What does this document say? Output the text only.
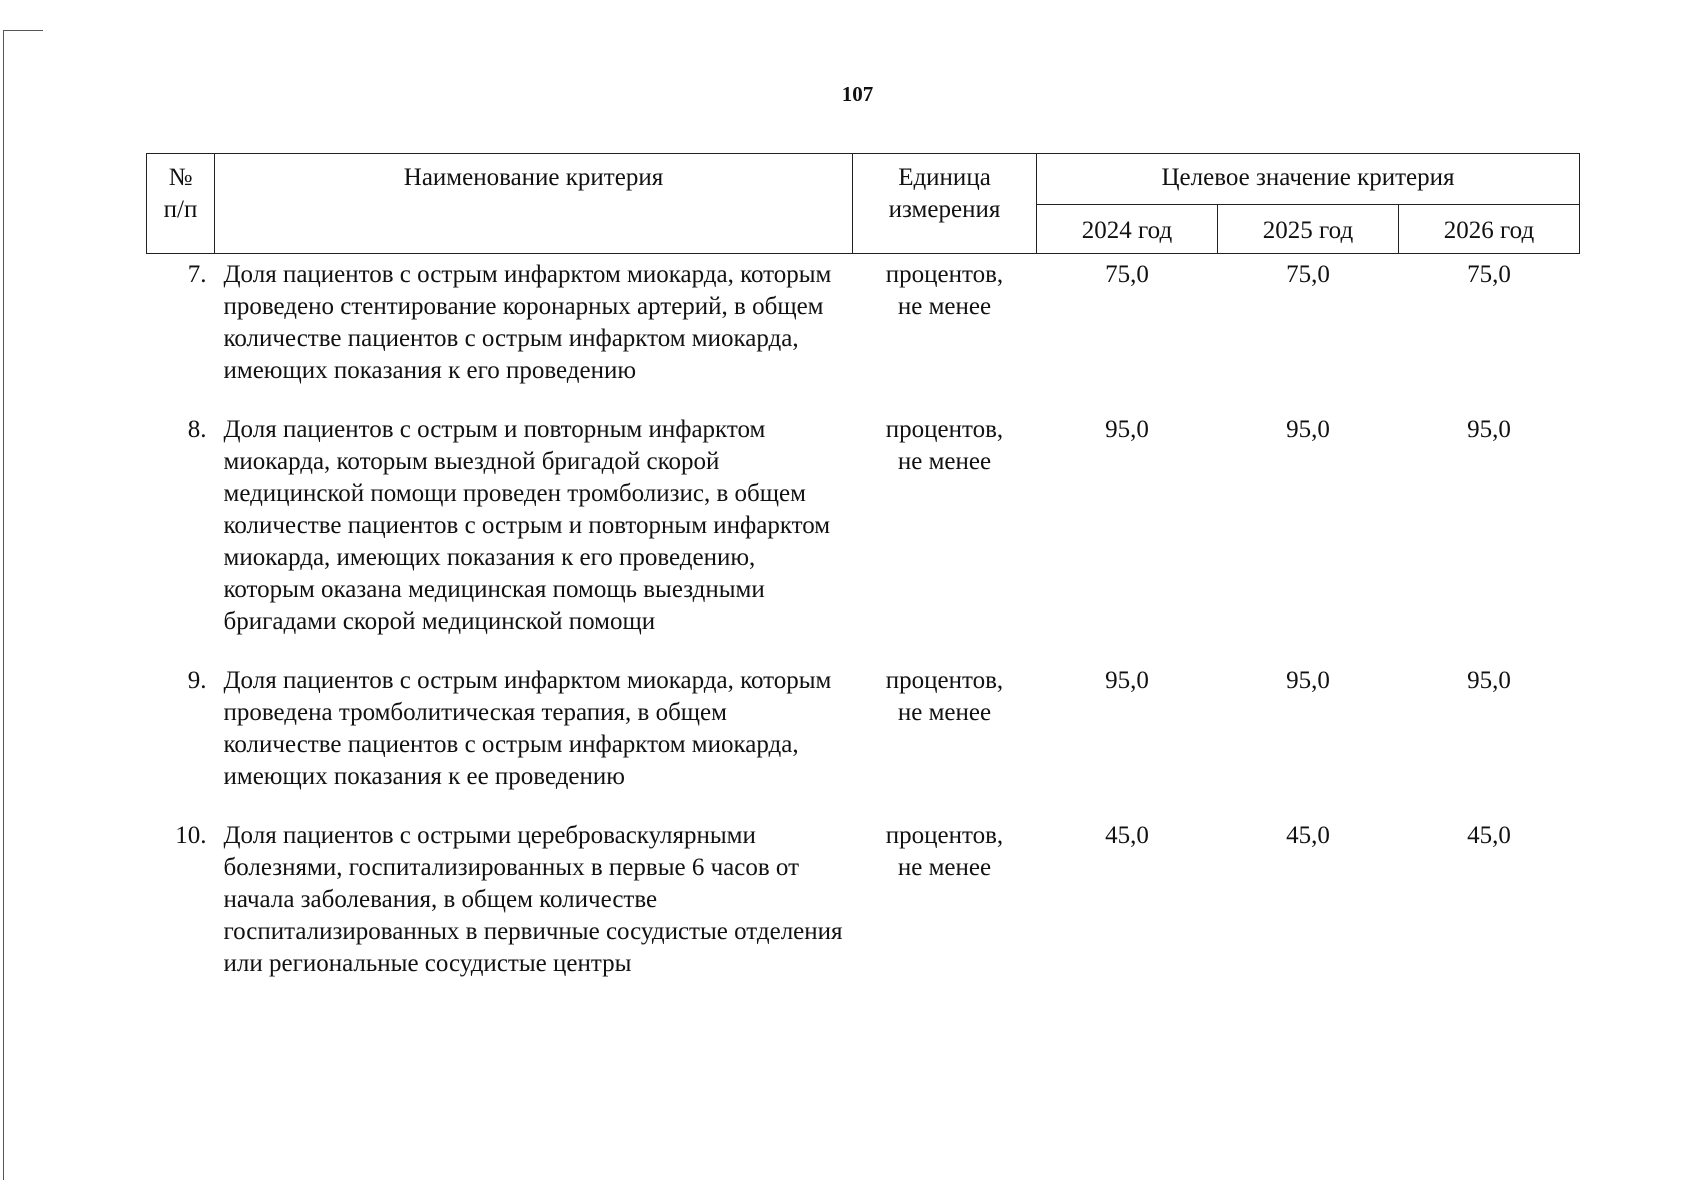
107
№ п/п	Наименование критерия	Единица измерения	Целевое значение критерия		
			2024 год	2025 год	2026 год
7.	Доля пациентов с острым инфарктом миокарда, которым проведено стентирование коронарных артерий, в общем количестве пациентов с острым инфарктом миокарда, имеющих показания к его проведению	процентов, не менее	75,0	75,0	75,0
8.	Доля пациентов с острым и повторным инфарктом миокарда, которым выездной бригадой скорой медицинской помощи проведен тромболизис, в общем количестве пациентов с острым и повторным инфарктом миокарда, имеющих показания к его проведению, которым оказана медицинская помощь выездными бригадами скорой медицинской помощи	процентов, не менее	95,0	95,0	95,0
9.	Доля пациентов с острым инфарктом миокарда, которым проведена тромболитическая терапия, в общем количестве пациентов с острым инфарктом миокарда, имеющих показания к ее проведению	процентов, не менее	95,0	95,0	95,0
10.	Доля пациентов с острыми цереброваскулярными болезнями, госпитализированных в первые 6 часов от начала заболевания, в общем количестве госпитализированных в первичные сосудистые отделения или региональные сосудистые центры	процентов, не менее	45,0	45,0	45,0
